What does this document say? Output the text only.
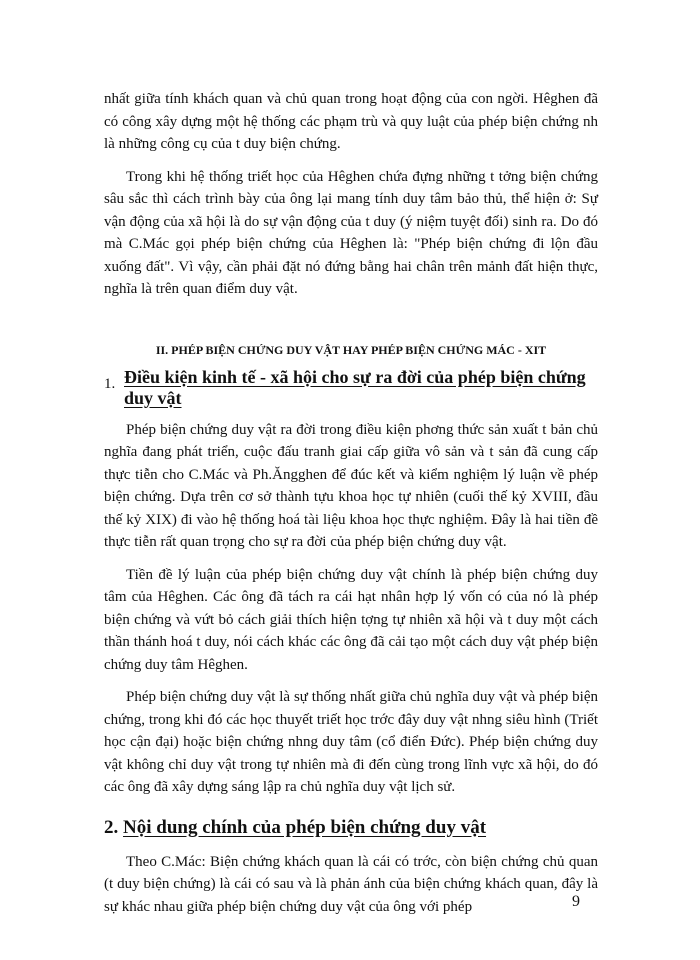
nhất giữa tính khách quan và chủ quan trong hoạt động của con ngời. Hêghen đã có công xây dựng một hệ thống các phạm trù và quy luật của phép biện chứng nh là những công cụ của t duy biện chứng.

Trong khi hệ thống triết học của Hêghen chứa đựng những t tởng biện chứng sâu sắc thì cách trình bày của ông lại mang tính duy tâm bảo thủ, thể hiện ở: Sự vận động của xã hội là do sự vận động của t duy (ý niệm tuyệt đối) sinh ra. Do đó mà C.Mác gọi phép biện chứng của Hêghen là: "Phép biện chứng đi lộn đầu xuống đất". Vì vậy, cần phải đặt nó đứng bằng hai chân trên mảnh đất hiện thực, nghĩa là trên quan điểm duy vật.

II. PHÉP BIỆN CHỨNG DUY VẬT HAY PHÉP BIỆN CHỨNG MÁC - XIT
1. Điều kiện kinh tế - xã hội cho sự ra đời của phép biện chứng duy vật

Phép biện chứng duy vật ra đời trong điều kiện phơng thức sản xuất t bản chủ nghĩa đang phát triển, cuộc đấu tranh giai cấp giữa vô sản và t sản đã cung cấp thực tiễn cho C.Mác và Ph.Ăngghen để đúc kết và kiểm nghiệm lý luận về phép biện chứng. Dựa trên cơ sở thành tựu khoa học tự nhiên (cuối thế kỷ XVIII, đầu thế kỷ XIX) đi vào hệ thống hoá tài liệu khoa học thực nghiệm. Đây là hai tiền đề thực tiễn rất quan trọng cho sự ra đời của phép biện chứng duy vật.

Tiền đề lý luận của phép biện chứng duy vật chính là phép biện chứng duy tâm của Hêghen. Các ông đã tách ra cái hạt nhân hợp lý vốn có của nó là phép biện chứng và vứt bỏ cách giải thích hiện tợng tự nhiên xã hội và t duy một cách thần thánh hoá t duy, nói cách khác các ông đã cải tạo một cách duy vật phép biện chứng duy tâm Hêghen.

Phép biện chứng duy vật là sự thống nhất giữa chủ nghĩa duy vật và phép biện chứng, trong khi đó các học thuyết triết học trớc đây duy vật nhng siêu hình (Triết học cận đại) hoặc biện chứng nhng duy tâm (cổ điển Đức). Phép biện chứng duy vật không chỉ duy vật trong tự nhiên mà đi đến cùng trong lĩnh vực xã hội, do đó các ông đã xây dựng sáng lập ra chủ nghĩa duy vật lịch sử.

2. Nội dung chính của phép biện chứng duy vật

Theo C.Mác: Biện chứng khách quan là cái có trớc, còn biện chứng chủ quan (t duy biện chứng) là cái có sau và là phản ánh của biện chứng khách quan, đây là sự khác nhau giữa phép biện chứng duy vật của ông với phép	9
